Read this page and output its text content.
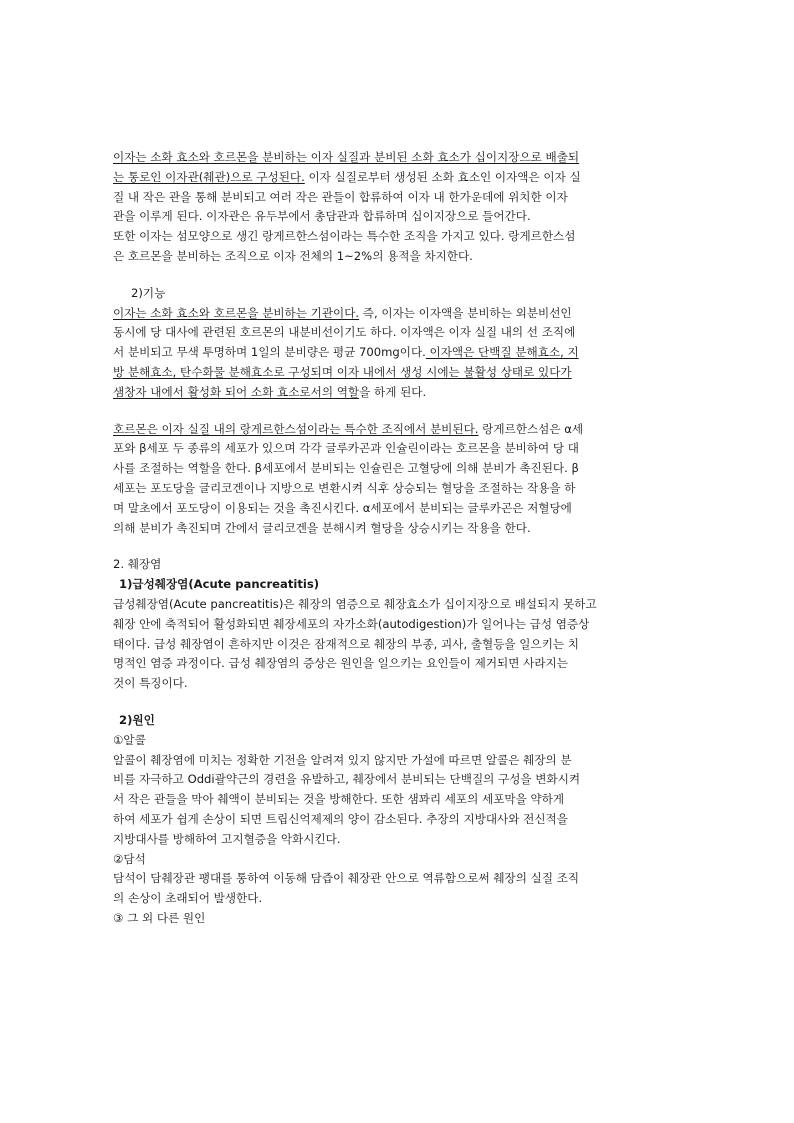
이자는 소화 효소와 호르몬을 분비하는 이자 실질과 분비된 소화 효소가 십이지장으로 배출되
는 통로인 이자관(췌관)으로 구성된다. 이자 실질로부터 생성된 소화 효소인 이자액은 이자 실
질 내 작은 관을 통해 분비되고 여러 작은 관들이 합류하여 이자 내 한가운데에 위치한 이자
관을 이루게 된다. 이자관은 유두부에서 총담관과 합류하며 십이지장으로 들어간다.
또한 이자는 섬모양으로 생긴 랑게르한스섬이라는 특수한 조직을 가지고 있다. 랑게르한스섬
은 호르몬을 분비하는 조직으로 이자 전체의 1~2%의 용적을 차지한다.
2)기능
이자는 소화 효소와 호르몬을 분비하는 기관이다. 즉, 이자는 이자액을 분비하는 외분비선인
동시에 당 대사에 관련된 호르몬의 내분비선이기도 하다. 이자액은 이자 실질 내의 선 조직에
서 분비되고 무색 투명하며 1일의 분비량은 평균 700mg이다. 이자액은 단백질 분해효소, 지
방 분해효소, 탄수화물 분해효소로 구성되며 이자 내에서 생성 시에는 불활성 상태로 있다가
샘창자 내에서 활성화 되어 소화 효소로서의 역할을 하게 된다.
호르몬은 이자 실질 내의 랑게르한스섬이라는 특수한 조직에서 분비된다. 랑게르한스섬은 α세
포와 β세포 두 종류의 세포가 있으며 각각 글루카곤과 인슐린이라는 호르몬을 분비하여 당 대
사를 조절하는 역할을 한다. β세포에서 분비되는 인슐린은 고혈당에 의해 분비가 촉진된다. β
세포는 포도당을 글리코겐이나 지방으로 변환시켜 식후 상승되는 혈당을 조절하는 작용을 하
며 말초에서 포도당이 이용되는 것을 촉진시킨다. α세포에서 분비되는 글루카곤은 저혈당에
의해 분비가 촉진되며 간에서 글리코겐을 분해시켜 혈당을 상승시키는 작용을 한다.
2. 췌장염
1)급성췌장염(Acute pancreatitis)
급성췌장염(Acute pancreatitis)은 췌장의 염증으로 췌장효소가 십이지장으로 배설되지 못하고
췌장 안에 축적되어 활성화되면 췌장세포의 자가소화(autodigestion)가 일어나는 급성 염증상
태이다. 급성 췌장염이 흔하지만 이것은 잠재적으로 췌장의 부종, 괴사, 출혈등을 일으키는 치
명적인 염증 과정이다. 급성 췌장염의 증상은 원인을 일으키는 요인들이 제거되면 사라지는
것이 특징이다.
2)원인
①알콜
알콜이 췌장염에 미치는 정확한 기전을 알려져 있지 않지만 가설에 따르면 알콜은 췌장의 분
비를 자극하고 Oddi괄약근의 경련을 유발하고, 췌장에서 분비되는 단백질의 구성을 변화시켜
서 작은 관들을 막아 췌액이 분비되는 것을 방해한다. 또한 샘꽈리 세포의 세포막을 약하게
하여 세포가 쉽게 손상이 되면 트립신억제제의 양이 감소된다. 추장의 지방대사와 전신적을
지방대사를 방해하여 고지혈증을 악화시킨다.
②담석
담석이 담췌장관 팽대를 통하여 이동해 담즙이 췌장관 안으로 역류함으로써 췌장의 실질 조직
의 손상이 초래되어 발생한다.
③ 그 외 다른 원인
